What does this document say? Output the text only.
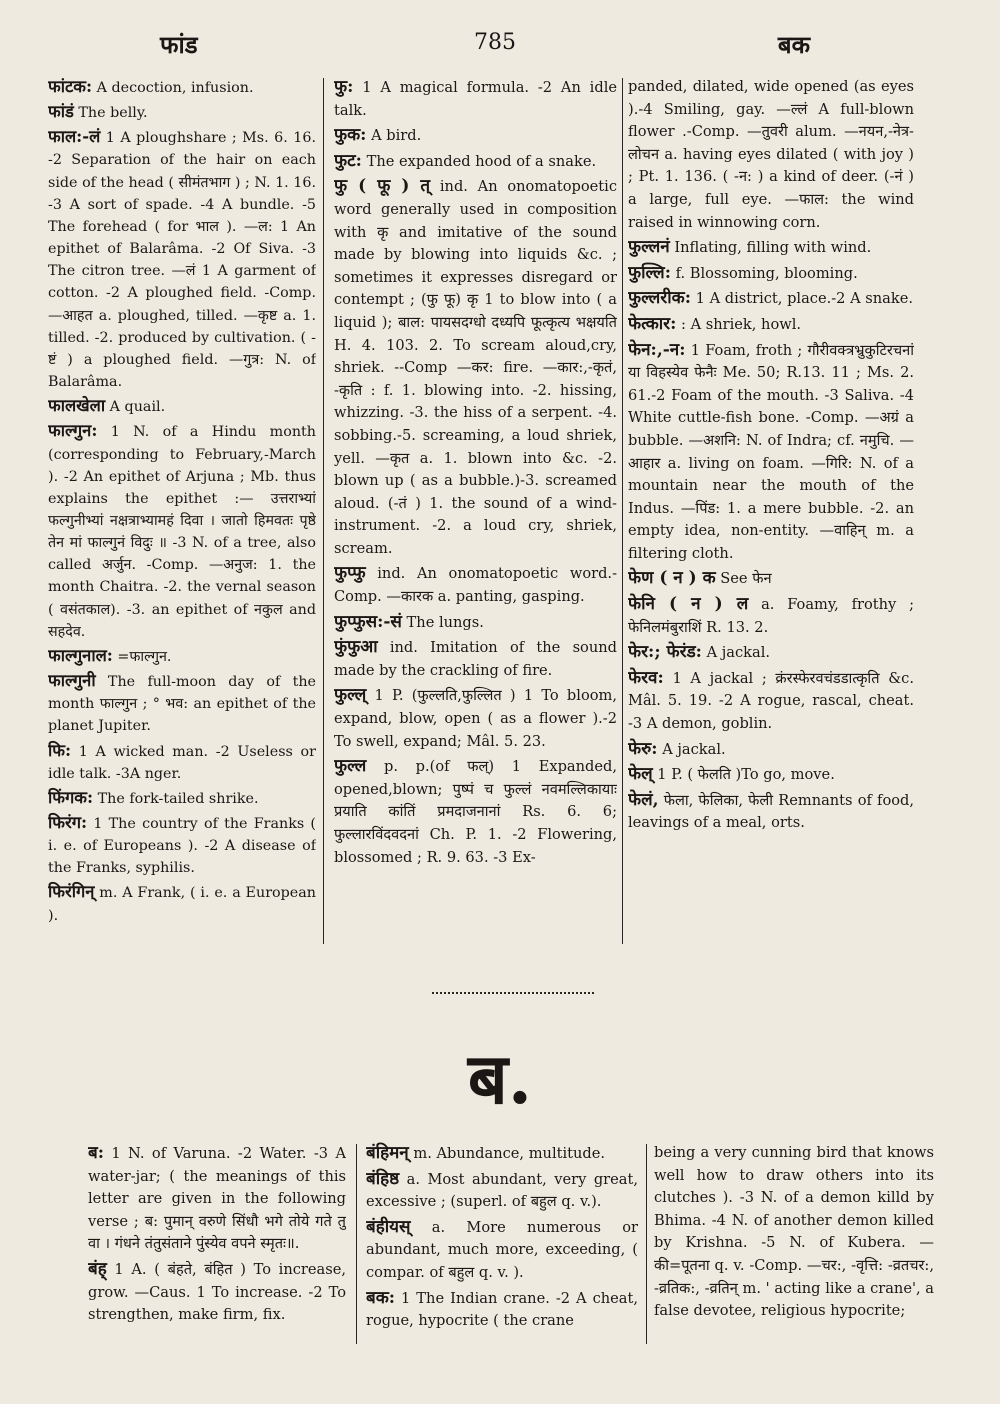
फांड	785	बक

फांटक: A decoction, infusion.

फांडं The belly.

फाल:-लं 1 A ploughshare ; Ms. 6. 16. -2 Separation of the hair on each side of the head ( सीमंतभाग ) ; N. 1. 16. -3 A sort of spade. -4 A bundle. -5 The forehead ( for भाल ). —ल: 1 An epithet of Balarâma. -2 Of Siva. -3 The citron tree. —लं 1 A garment of cotton. -2 A ploughed field. -Comp. —आहत a. ploughed, tilled. —कृष्ट a. 1. tilled. -2. produced by cultivation. ( -ष्टं ) a ploughed field. —गुत्र: N. of Balarâma.

फालखेला A quail.

फाल्गुन: 1 N. of a Hindu month (corresponding to February,-March ). -2 An epithet of Arjuna ; Mb. thus explains the epithet :— उत्तराभ्यां फल्गुनीभ्यां नक्षत्राभ्यामहं दिवा । जातो हिमवतः पृष्ठे तेन मां फाल्गुनं विदुः ॥ -3 N. of a tree, also called अर्जुन. -Comp. —अनुज: 1. the month Chaitra. -2. the vernal season ( वसंतकाल). -3. an epithet of नकुल and सहदेव.

फाल्गुनाल: =फाल्गुन.

फाल्गुनी The full-moon day of the month फाल्गुन ; ° भव: an epithet of the planet Jupiter.

फि: 1 A wicked man. -2 Useless or idle talk. -3A nger.

फिंगक: The fork-tailed shrike.

फिरंग: 1 The country of the Franks ( i. e. of Europeans ). -2 A disease of the Franks, syphilis.

फिरंगिन् m. A Frank, ( i. e. a European ).

फु: 1 A magical formula. -2 An idle talk.

फुक: A bird.

फुट: The expanded hood of a snake.

फु ( फू ) त् ind. An onomatopoetic word generally used in composition with कृ and imitative of the sound made by blowing into liquids &c. ; sometimes it expresses disregard or contempt ; (फु फू) कृ 1 to blow into ( a liquid ); बाल: पायसदग्धो दध्यपि फूत्कृत्य भक्षयति H. 4. 103. 2. To scream aloud,cry, shriek. --Comp —कर: fire. —कार:,-कृतं, -कृति : f. 1. blowing into. -2. hissing, whizzing. -3. the hiss of a serpent. -4. sobbing.-5. screaming, a loud shriek, yell. —कृत a. 1. blown into &c. -2. blown up ( as a bubble.)-3. screamed aloud. (-तं ) 1. the sound of a wind-instrument. -2. a loud cry, shriek, scream.

फुप्फु ind. An onomatopoetic word.-Comp. —कारक a. panting, gasping.

फुप्फुस:-सं The lungs.

फुंफुआ ind. Imitation of the sound made by the crackling of fire.

फुल्ल् 1 P. (फुल्लति,फुल्लित ) 1 To bloom, expand, blow, open ( as a flower ).-2 To swell, expand; Mâl. 5. 23.

फुल्ल p. p.(of फल्) 1 Expanded, opened,blown; पुष्पं च फुल्लं नवमल्लिकायाः प्रयाति कांतिं प्रमदाजनानां Rs. 6. 6; फुल्लारविंदवदनां Ch. P. 1. -2 Flowering, blossomed ; R. 9. 63. -3 Ex-

panded, dilated, wide opened (as eyes ).-4 Smiling, gay. —ल्लं A full-blown flower .-Comp. —तुवरी alum. —नयन,-नेत्र-लोचन a. having eyes dilated ( with joy ) ; Pt. 1. 136. ( -न: ) a kind of deer. (-नं ) a large, full eye. —फाल: the wind raised in winnowing corn.

फुल्लनं Inflating, filling with wind.

फुल्लि: f. Blossoming, blooming.

फुल्लरीक: 1 A district, place.-2 A snake.

फेत्कार: : A shriek, howl.

फेन:,-न: 1 Foam, froth ; गौरीवक्त्रभ्रुकुटिरचनां या विहस्येव फेनैः Me. 50; R.13. 11 ; Ms. 2. 61.-2 Foam of the mouth. -3 Saliva. -4 White cuttle-fish bone. -Comp. —अग्रं a bubble. —अशनि: N. of Indra; cf. नमुचि. —आहार a. living on foam. —गिरि: N. of a mountain near the mouth of the Indus. —पिंड: 1. a mere bubble. -2. an empty idea, non-entity. —वाहिन् m. a filtering cloth.

फेण ( न ) क See फेन

फेनि ( न ) ल a. Foamy, frothy ; फेनिलमंबुराशिं R. 13. 2.

फेर:; फेरंड: A jackal.

फेरव: 1 A jackal ; क्रंरस्फेरवचंडडात्कृति &c. Mâl. 5. 19. -2 A rogue, rascal, cheat. -3 A demon, goblin.

फेरु: A jackal.

फेल् 1 P. ( फेलति )To go, move.

फेलं, फेला, फेलिका, फेली Remnants of food, leavings of a meal, orts.

ब.

ब: 1 N. of Varuna. -2 Water. -3 A water-jar; ( the meanings of this letter are given in the following verse ; ब: पुमान् वरुणे सिंधौ भगे तोये गते तु वा । गंधने तंतुसंताने पुंस्येव वपने स्मृतः॥.

बंह् 1 A. ( बंहते, बंहित ) To increase, grow. —Caus. 1 To increase. -2 To strengthen, make firm, fix.

बंहिमन् m. Abundance, multitude.

बंहिष्ठ a. Most abundant, very great, excessive ; (superl. of बहुल q. v.).

बंहीयस् a. More numerous or abundant, much more, exceeding, ( compar. of बहुल q. v. ).

बक: 1 The Indian crane. -2 A cheat, rogue, hypocrite ( the crane

being a very cunning bird that knows well how to draw others into its clutches ). -3 N. of a demon killd by Bhima. -4 N. of another demon killed by Krishna. -5 N. of Kubera. —की=पूतना q. v. -Comp. —चर:, -वृत्ति: -व्रतचर:, -व्रतिक:, -व्रतिन् m. ' acting like a crane', a false devotee, religious hypocrite;
